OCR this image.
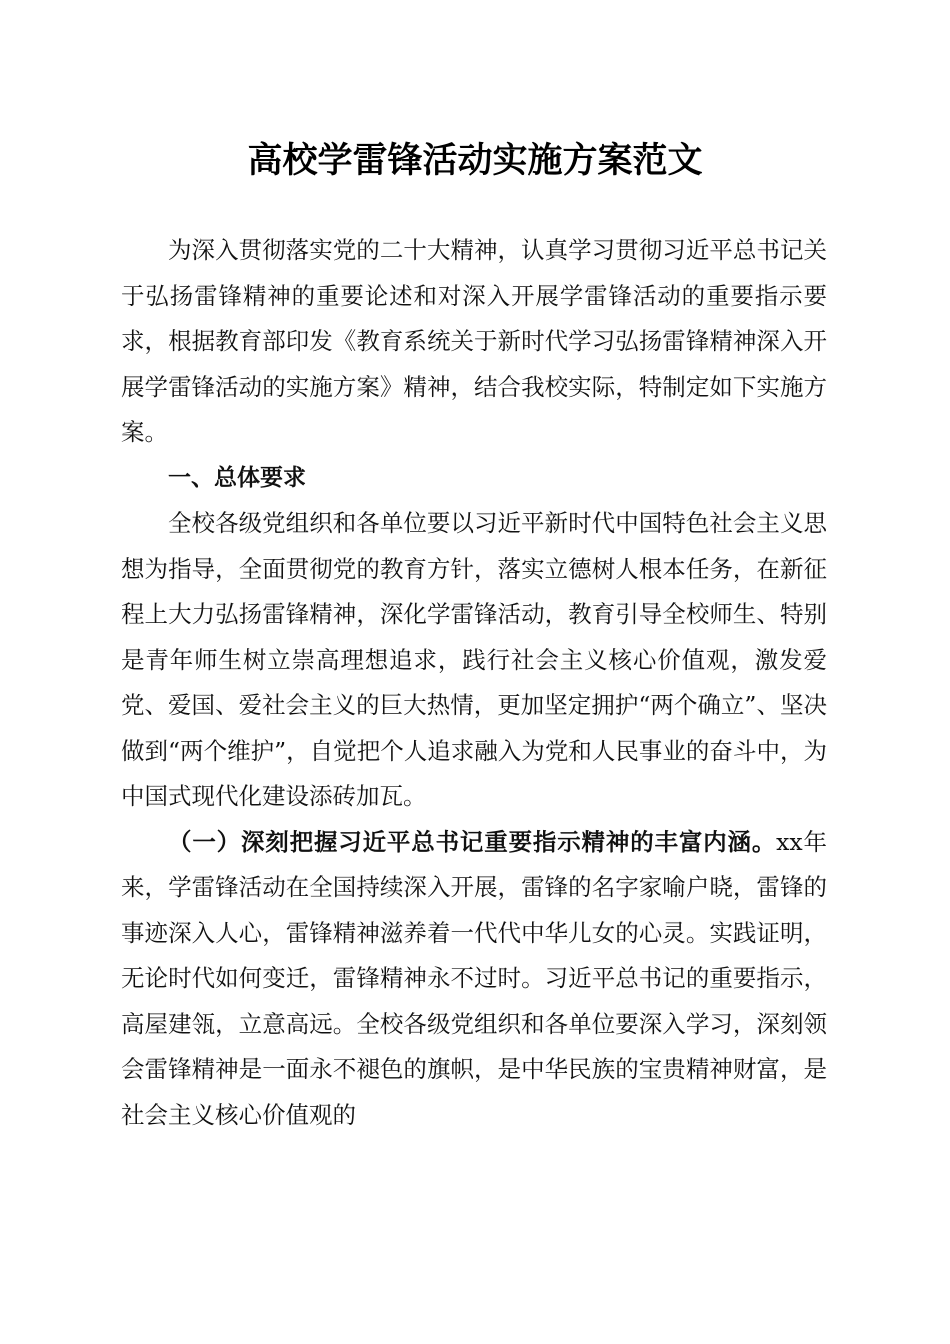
高校学雷锋活动实施方案范文

为深入贯彻落实党的二十大精神，认真学习贯彻习近平总书记关于弘扬雷锋精神的重要论述和对深入开展学雷锋活动的重要指示要求，根据教育部印发《教育系统关于新时代学习弘扬雷锋精神深入开展学雷锋活动的实施方案》精神，结合我校实际，特制定如下实施方案。

一、总体要求

全校各级党组织和各单位要以习近平新时代中国特色社会主义思想为指导，全面贯彻党的教育方针，落实立德树人根本任务，在新征程上大力弘扬雷锋精神，深化学雷锋活动，教育引导全校师生、特别是青年师生树立崇高理想追求，践行社会主义核心价值观，激发爱党、爱国、爱社会主义的巨大热情，更加坚定拥护“两个确立”、坚决做到“两个维护”，自觉把个人追求融入为党和人民事业的奋斗中，为中国式现代化建设添砖加瓦。

（一）深刻把握习近平总书记重要指示精神的丰富内涵。xx年来，学雷锋活动在全国持续深入开展，雷锋的名字家喻户晓，雷锋的事迹深入人心，雷锋精神滋养着一代代中华儿女的心灵。实践证明，无论时代如何变迁，雷锋精神永不过时。习近平总书记的重要指示，高屋建瓴，立意高远。全校各级党组织和各单位要深入学习，深刻领会雷锋精神是一面永不褪色的旗帜，是中华民族的宝贵精神财富，是社会主义核心价值观的
